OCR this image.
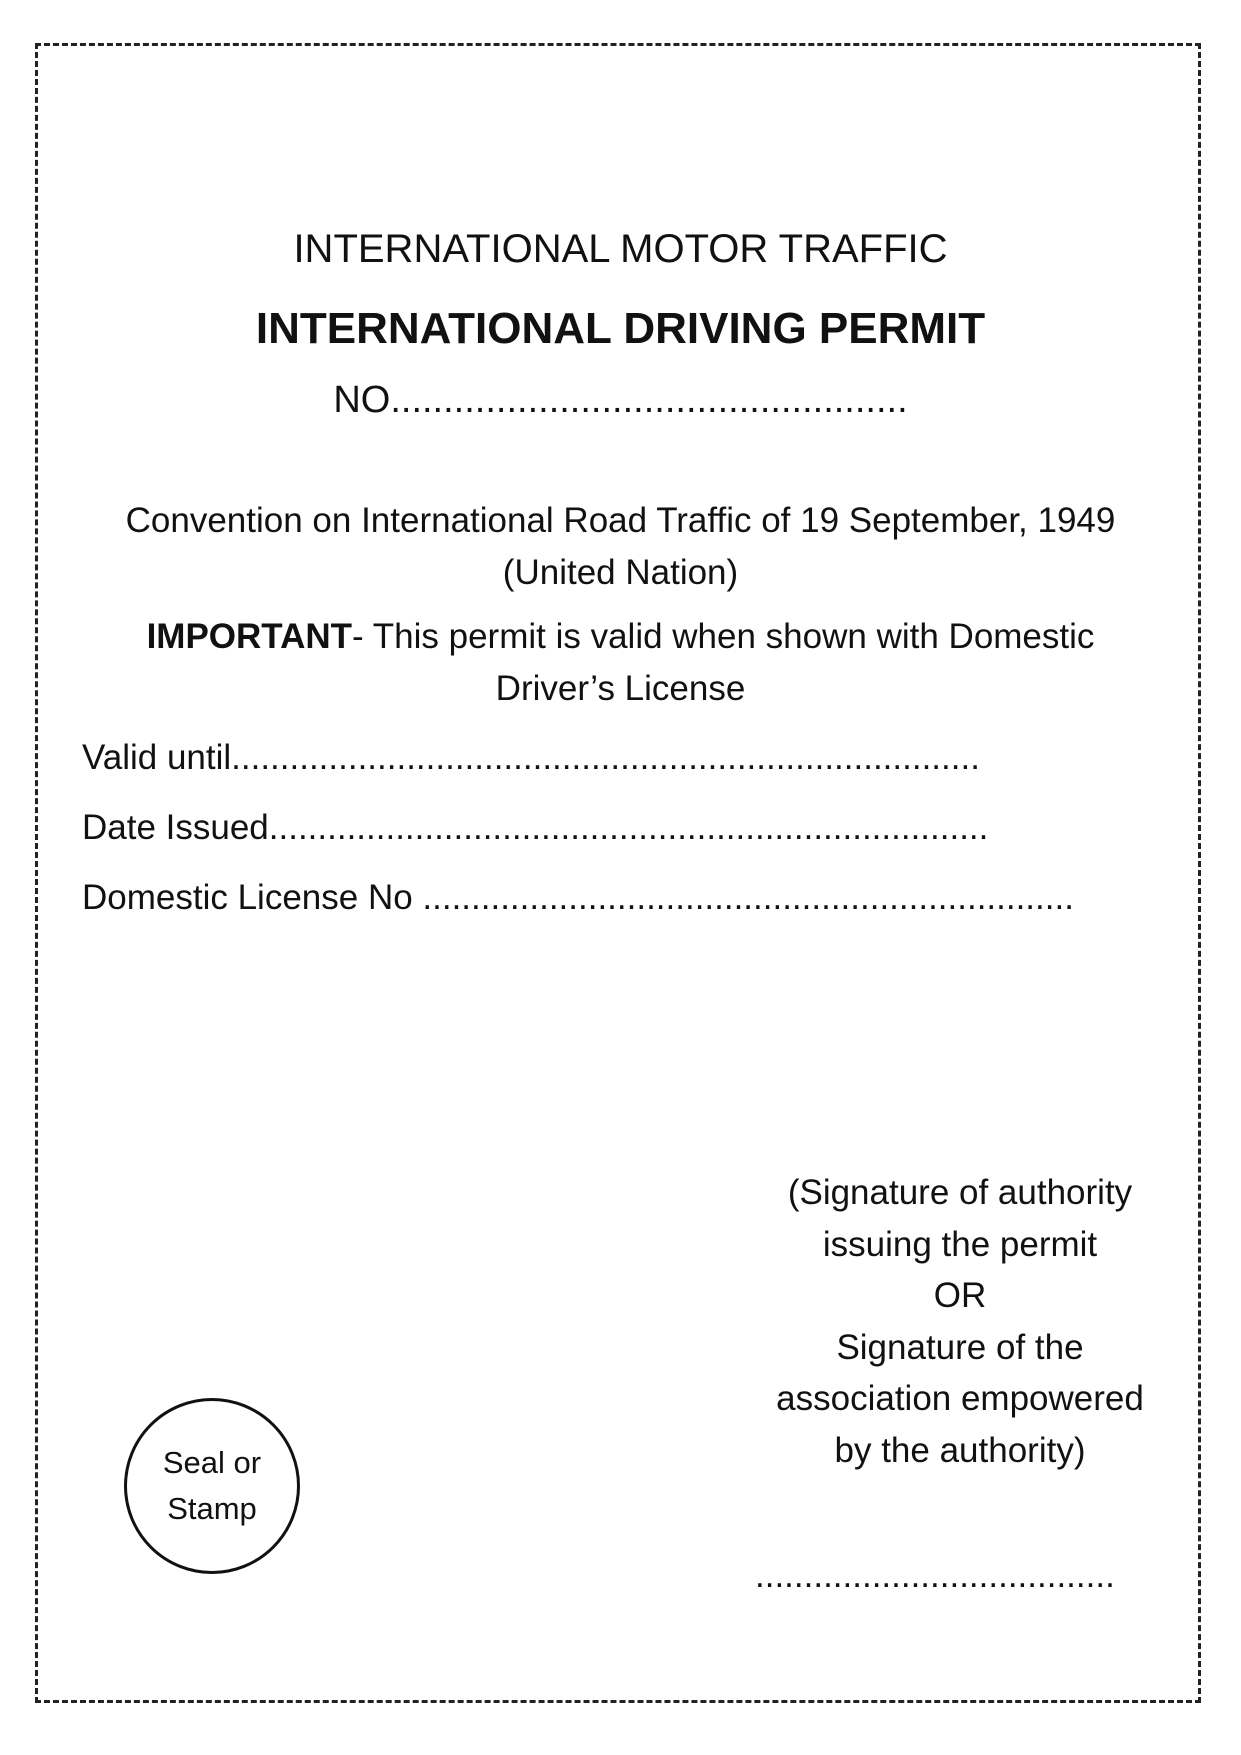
INTERNATIONAL MOTOR TRAFFIC
INTERNATIONAL DRIVING PERMIT
NO.................................................
Convention on International Road Traffic of 19 September, 1949
(United Nation)
IMPORTANT- This permit is valid when shown with Domestic
Driver’s License
Valid until.............................................................................
Date Issued..........................................................................
Domestic License No ...................................................................
(Signature of authority
issuing the permit
OR
Signature of the
association empowered
by the authority)
.....................................
Seal or Stamp
